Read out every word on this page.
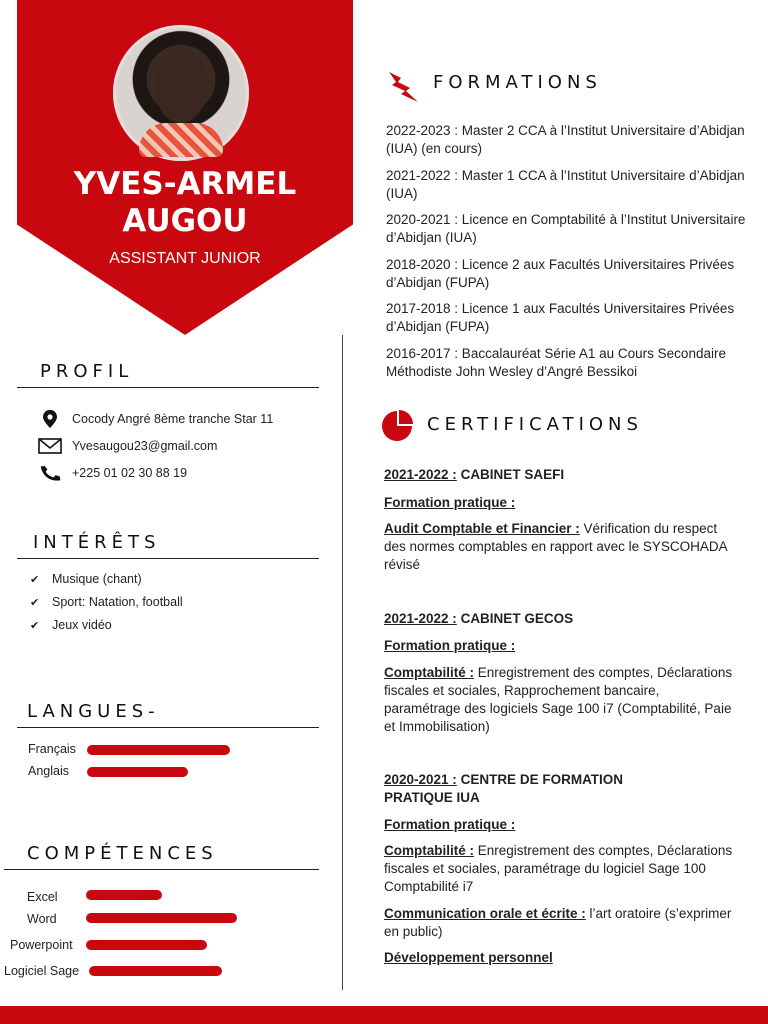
YVES-ARMEL
AUGOU
ASSISTANT JUNIOR
PROFIL
Cocody Angré 8ème tranche Star 11
Yvesaugou23@gmail.com
+225 01 02 30 88 19
INTÉRÊTS
✔ Musique (chant)
✔ Sport: Natation, football
✔ Jeux vidéo
LANGUES-
Français
Anglais
COMPÉTENCES
Excel
Word
Powerpoint
Logiciel Sage
FORMATIONS
2022-2023 : Master 2 CCA à l’Institut Universitaire d’Abidjan (IUA) (en cours)
2021-2022 : Master 1 CCA à l’Institut Universitaire d’Abidjan (IUA)
2020-2021 : Licence en Comptabilité à l’Institut Universitaire d’Abidjan (IUA)
2018-2020 : Licence 2 aux Facultés Universitaires Privées d’Abidjan (FUPA)
2017-2018 : Licence 1 aux Facultés Universitaires Privées d’Abidjan (FUPA)
2016-2017 : Baccalauréat Série A1 au Cours Secondaire Méthodiste John Wesley d’Angré Bessikoi
CERTIFICATIONS
2021-2022 : CABINET SAEFI
Formation pratique :
Audit Comptable et Financier : Vérification du respect des normes comptables en rapport avec le SYSCOHADA révisé
2021-2022 : CABINET GECOS
Formation pratique :
Comptabilité : Enregistrement des comptes, Déclarations fiscales et sociales, Rapprochement bancaire, paramétrage des logiciels Sage 100 i7 (Comptabilité, Paie et Immobilisation)
2020-2021 : CENTRE DE FORMATION PRATIQUE IUA
Formation pratique :
Comptabilité : Enregistrement des comptes, Déclarations fiscales et sociales, paramétrage du logiciel Sage 100 Comptabilité i7
Communication orale et écrite : l’art oratoire (s’exprimer en public)
Développement personnel
